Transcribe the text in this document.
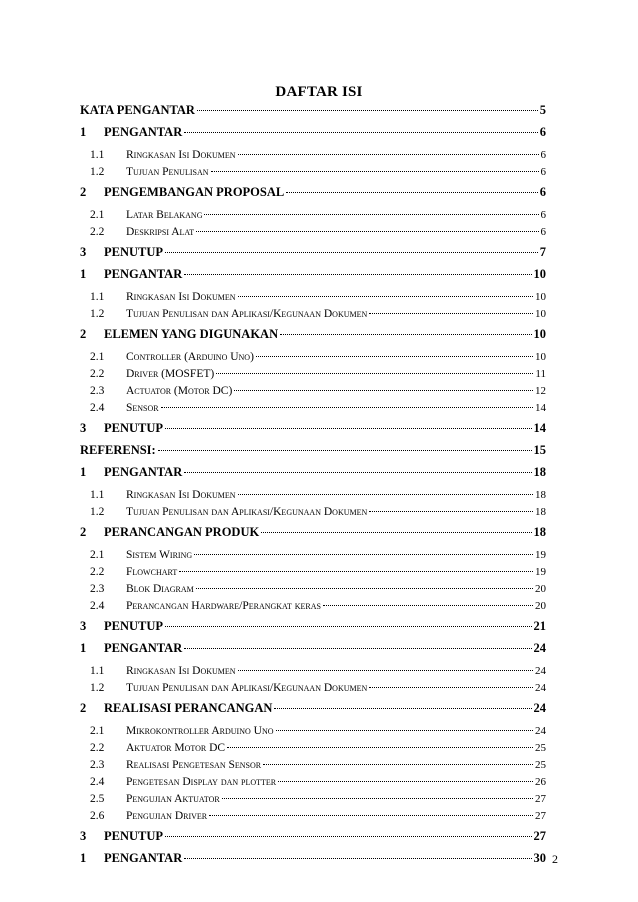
DAFTAR ISI
KATA PENGANTAR	5
1	PENGANTAR	6
1.1	Ringkasan Isi Dokumen	6
1.2	Tujuan Penulisan	6
2	PENGEMBANGAN PROPOSAL	6
2.1	Latar Belakang	6
2.2	Deskripsi Alat	6
3	PENUTUP	7
1	PENGANTAR	10
1.1	Ringkasan Isi Dokumen	10
1.2	Tujuan Penulisan dan Aplikasi/Kegunaan Dokumen	10
2	ELEMEN YANG DIGUNAKAN	10
2.1	Controller (Arduino Uno)	10
2.2	Driver (MOSFET)	11
2.3	Actuator (Motor DC)	12
2.4	Sensor	14
3	PENUTUP	14
REFERENSI:	15
1	PENGANTAR	18
1.1	Ringkasan Isi Dokumen	18
1.2	Tujuan Penulisan dan Aplikasi/Kegunaan Dokumen	18
2	PERANCANGAN PRODUK	18
2.1	Sistem Wiring	19
2.2	Flowchart	19
2.3	Blok Diagram	20
2.4	Perancangan Hardware/Perangkat keras	20
3	PENUTUP	21
1	PENGANTAR	24
1.1	Ringkasan Isi Dokumen	24
1.2	Tujuan Penulisan dan Aplikasi/Kegunaan Dokumen	24
2	REALISASI PERANCANGAN	24
2.1	Mikrokontroller Arduino Uno	24
2.2	Aktuator Motor DC	25
2.3	Realisasi Pengetesan Sensor	25
2.4	Pengetesan Display dan plotter	26
2.5	Pengujian Aktuator	27
2.6	Pengujian Driver	27
3	PENUTUP	27
1	PENGANTAR	30 2
